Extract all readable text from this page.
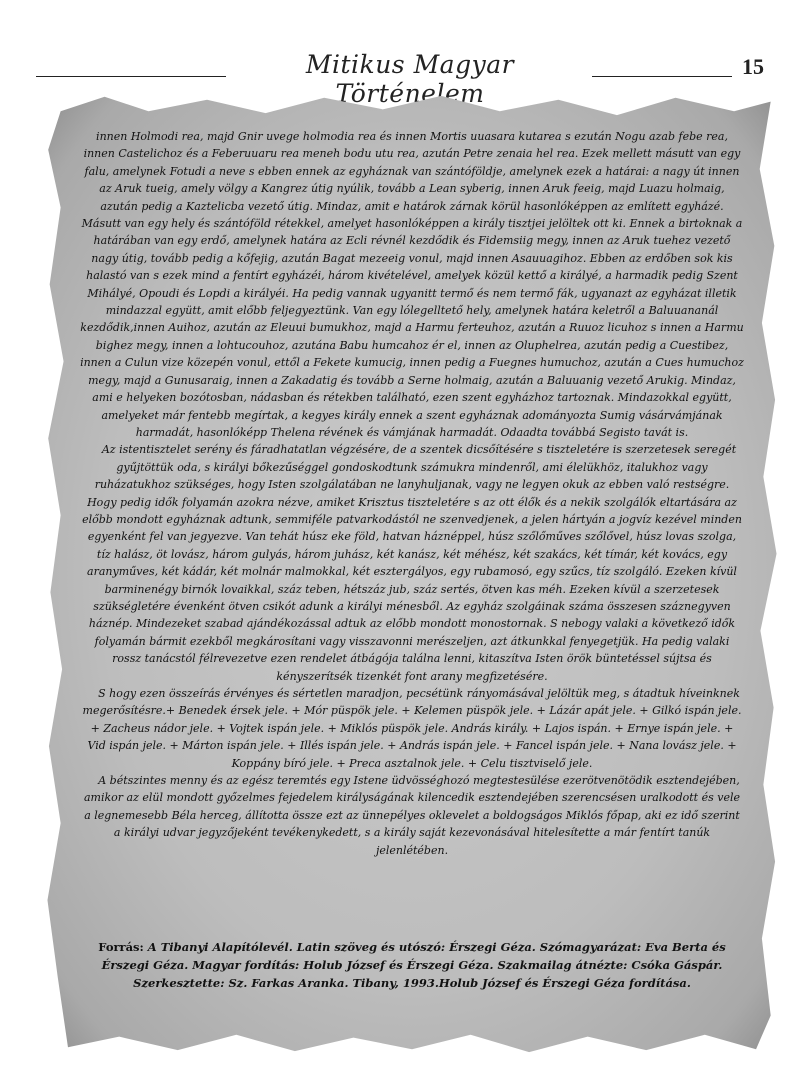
Mitikus Magyar Történelem
15

innen Holmodi rea, majd Gnir uvege holmodia rea és innen Mortis uuasara kutarea s ezután Nogu azab febe rea, innen Castelichoz és a Feberuuaru rea meneh bodu utu rea, azután Petre zenaia hel rea. Ezek mellett másutt van egy falu, amelynek Fotudi a neve s ebben ennek az egyháznak van szántóföldje, amelynek ezek a határai: a nagy út innen az Aruk tueig, amely völgy a Kangrez útig nyúlik, tovább a Lean syberig, innen Aruk feeig, majd Luazu holmaig, azután pedig a Kaztelicba vezető útig. Mindaz, amit e határok zárnak körül hasonlóképpen az említett egyházé. Másutt van egy hely és szántóföld rétekkel, amelyet hasonlóképpen a király tisztjei jelöltek ott ki. Ennek a birtoknak a határában van egy erdő, amelynek határa az Ecli révnél kezdődik és Fidemsiig megy, innen az Aruk tuehez vezető nagy útig, tovább pedig a kőfejig, azután Bagat mezeeig vonul, majd innen Asauuagihoz. Ebben az erdőben sok kis halastó van s ezek mind a fentírt egyházéi, három kivételével, amelyek közül kettő a királyé, a harmadik pedig Szent Mihályé, Opoudi és Lopdi a királyéi. Ha pedig vannak ugyanitt termő és nem termő fák, ugyanazt az egyházat illetik mindazzal együtt, amit előbb feljegyeztünk. Van egy lólegelltető hely, amelynek határa keletről a Baluuananál kezdődik,innen Auihoz, azután az Eleuui bumukhoz, majd a Harmu ferteuhoz, azután a Ruuoz licuhoz s innen a Harmu bighez megy, innen a lohtucouhoz, azutána Babu humcahoz ér el, innen az Oluphelrea, azután pedig a Cuestibez, innen a Culun vize közepén vonul, ettől a Fekete kumucig, innen pedig a Fuegnes humuchoz, azután a Cues humuchoz megy, majd a Gunusaraig, innen a Zakadatig és tovább a Serne holmaig, azután a Baluuanig vezető Arukig. Mindaz, ami e helyeken bozótosban, nádasban és rétekben található, ezen szent egyházhoz tartoznak. Mindazokkal együtt, amelyeket már fentebb megírtak, a kegyes király ennek a szent egyháznak adományozta Sumig vásárvámjának harmadát, hasonlóképp Thelena révének és vámjának harmadát. Odaadta továbbá Segisto tavát is.

Az istentisztelet serény és fáradhatatlan végzésére, de a szentek dicsőítésére s tiszteletére is szerzetesek seregét gyűjtöttük oda, s királyi bőkezűséggel gondoskodtunk számukra mindenről, ami élelükhöz, italukhoz vagy ruházatukhoz szükséges, hogy Isten szolgálatában ne lanyhuljanak, vagy ne legyen okuk az ebben való restségre. Hogy pedig idők folyamán azokra nézve, amiket Krisztus tiszteletére s az ott élők és a nekik szolgálók eltartására az előbb mondott egyháznak adtunk, semmiféle patvarkodástól ne szenvedjenek, a jelen hártyán a jogvíz kezével minden egyenként fel van jegyezve. Van tehát húsz eke föld, hatvan háznéppel, húsz szőlőműves szőlővel, húsz lovas szolga, tíz halász, öt lovász, három gulyás, három juhász, két kanász, két méhész, két szakács, két tímár, két kovács, egy aranyműves, két kádár, két molnár malmokkal, két esztergályos, egy rubamosó, egy szűcs, tíz szolgáló. Ezeken kívül barminenégy birnók lovaikkal, száz teben, hétszáz jub, száz sertés, ötven kas méh. Ezeken kívül a szerzetesek szükségletére évenként ötven csikót adunk a királyi ménesből. Az egyház szolgáinak száma összesen száznegyven háznép. Mindezeket szabad ajándékozással adtuk az előbb mondott monostornak. S nebogy valaki a következő idők folyamán bármit ezekből megkárosítani vagy visszavonni merészeljen, azt átkunkkal fenyegetjük. Ha pedig valaki rossz tanácstól félrevezetve ezen rendelet átbágója találna lenni, kitaszítva Isten örök büntetéssel sújtsa és kényszerítsék tizenkét font arany megfizetésére.

S hogy ezen összeírás érvényes és sértetlen maradjon, pecsétünk rányomásával jelöltük meg, s átadtuk híveinknek megerősítésre.+ Benedek érsek jele. + Mór püspök jele. + Kelemen püspök jele. + Lázár apát jele. + Gilkó ispán jele. + Zacheus nádor jele. + Vojtek ispán jele. + Miklós püspök jele. András király. + Lajos ispán. + Ernye ispán jele. + Vid ispán jele. + Márton ispán jele. + Illés ispán jele. + András ispán jele. + Fancel ispán jele. + Nana lovász jele. + Koppány bíró jele. + Preca asztalnok jele. + Celu tisztviselő jele.

A bétszintes menny és az egész teremtés egy Istene üdvösséghozó megtestesülése ezerötvenötödik esztendejében, amikor az elül mondott győzelmes fejedelem királyságának kilencedik esztendejében szerencsésen uralkodott és vele a legnemesebb Béla herceg, állította össze ezt az ünnepélyes oklevelet a boldogságos Miklós főpap, aki ez idő szerint a királyi udvar jegyzőjeként tevékenykedett, s a király saját kezevonásával hitelesítette a már fentírt tanúk jelenlétében.

Forrás: A Tibanyi Alapítólevél. Latin szöveg és utószó: Érszegi Géza. Szómagyarázat: Eva Berta és Érszegi Géza. Magyar fordítás: Holub József és Érszegi Géza. Szakmailag átnézte: Csóka Gáspár. Szerkesztette: Sz. Farkas Aranka. Tibany, 1993.Holub József és Érszegi Géza fordítása.
